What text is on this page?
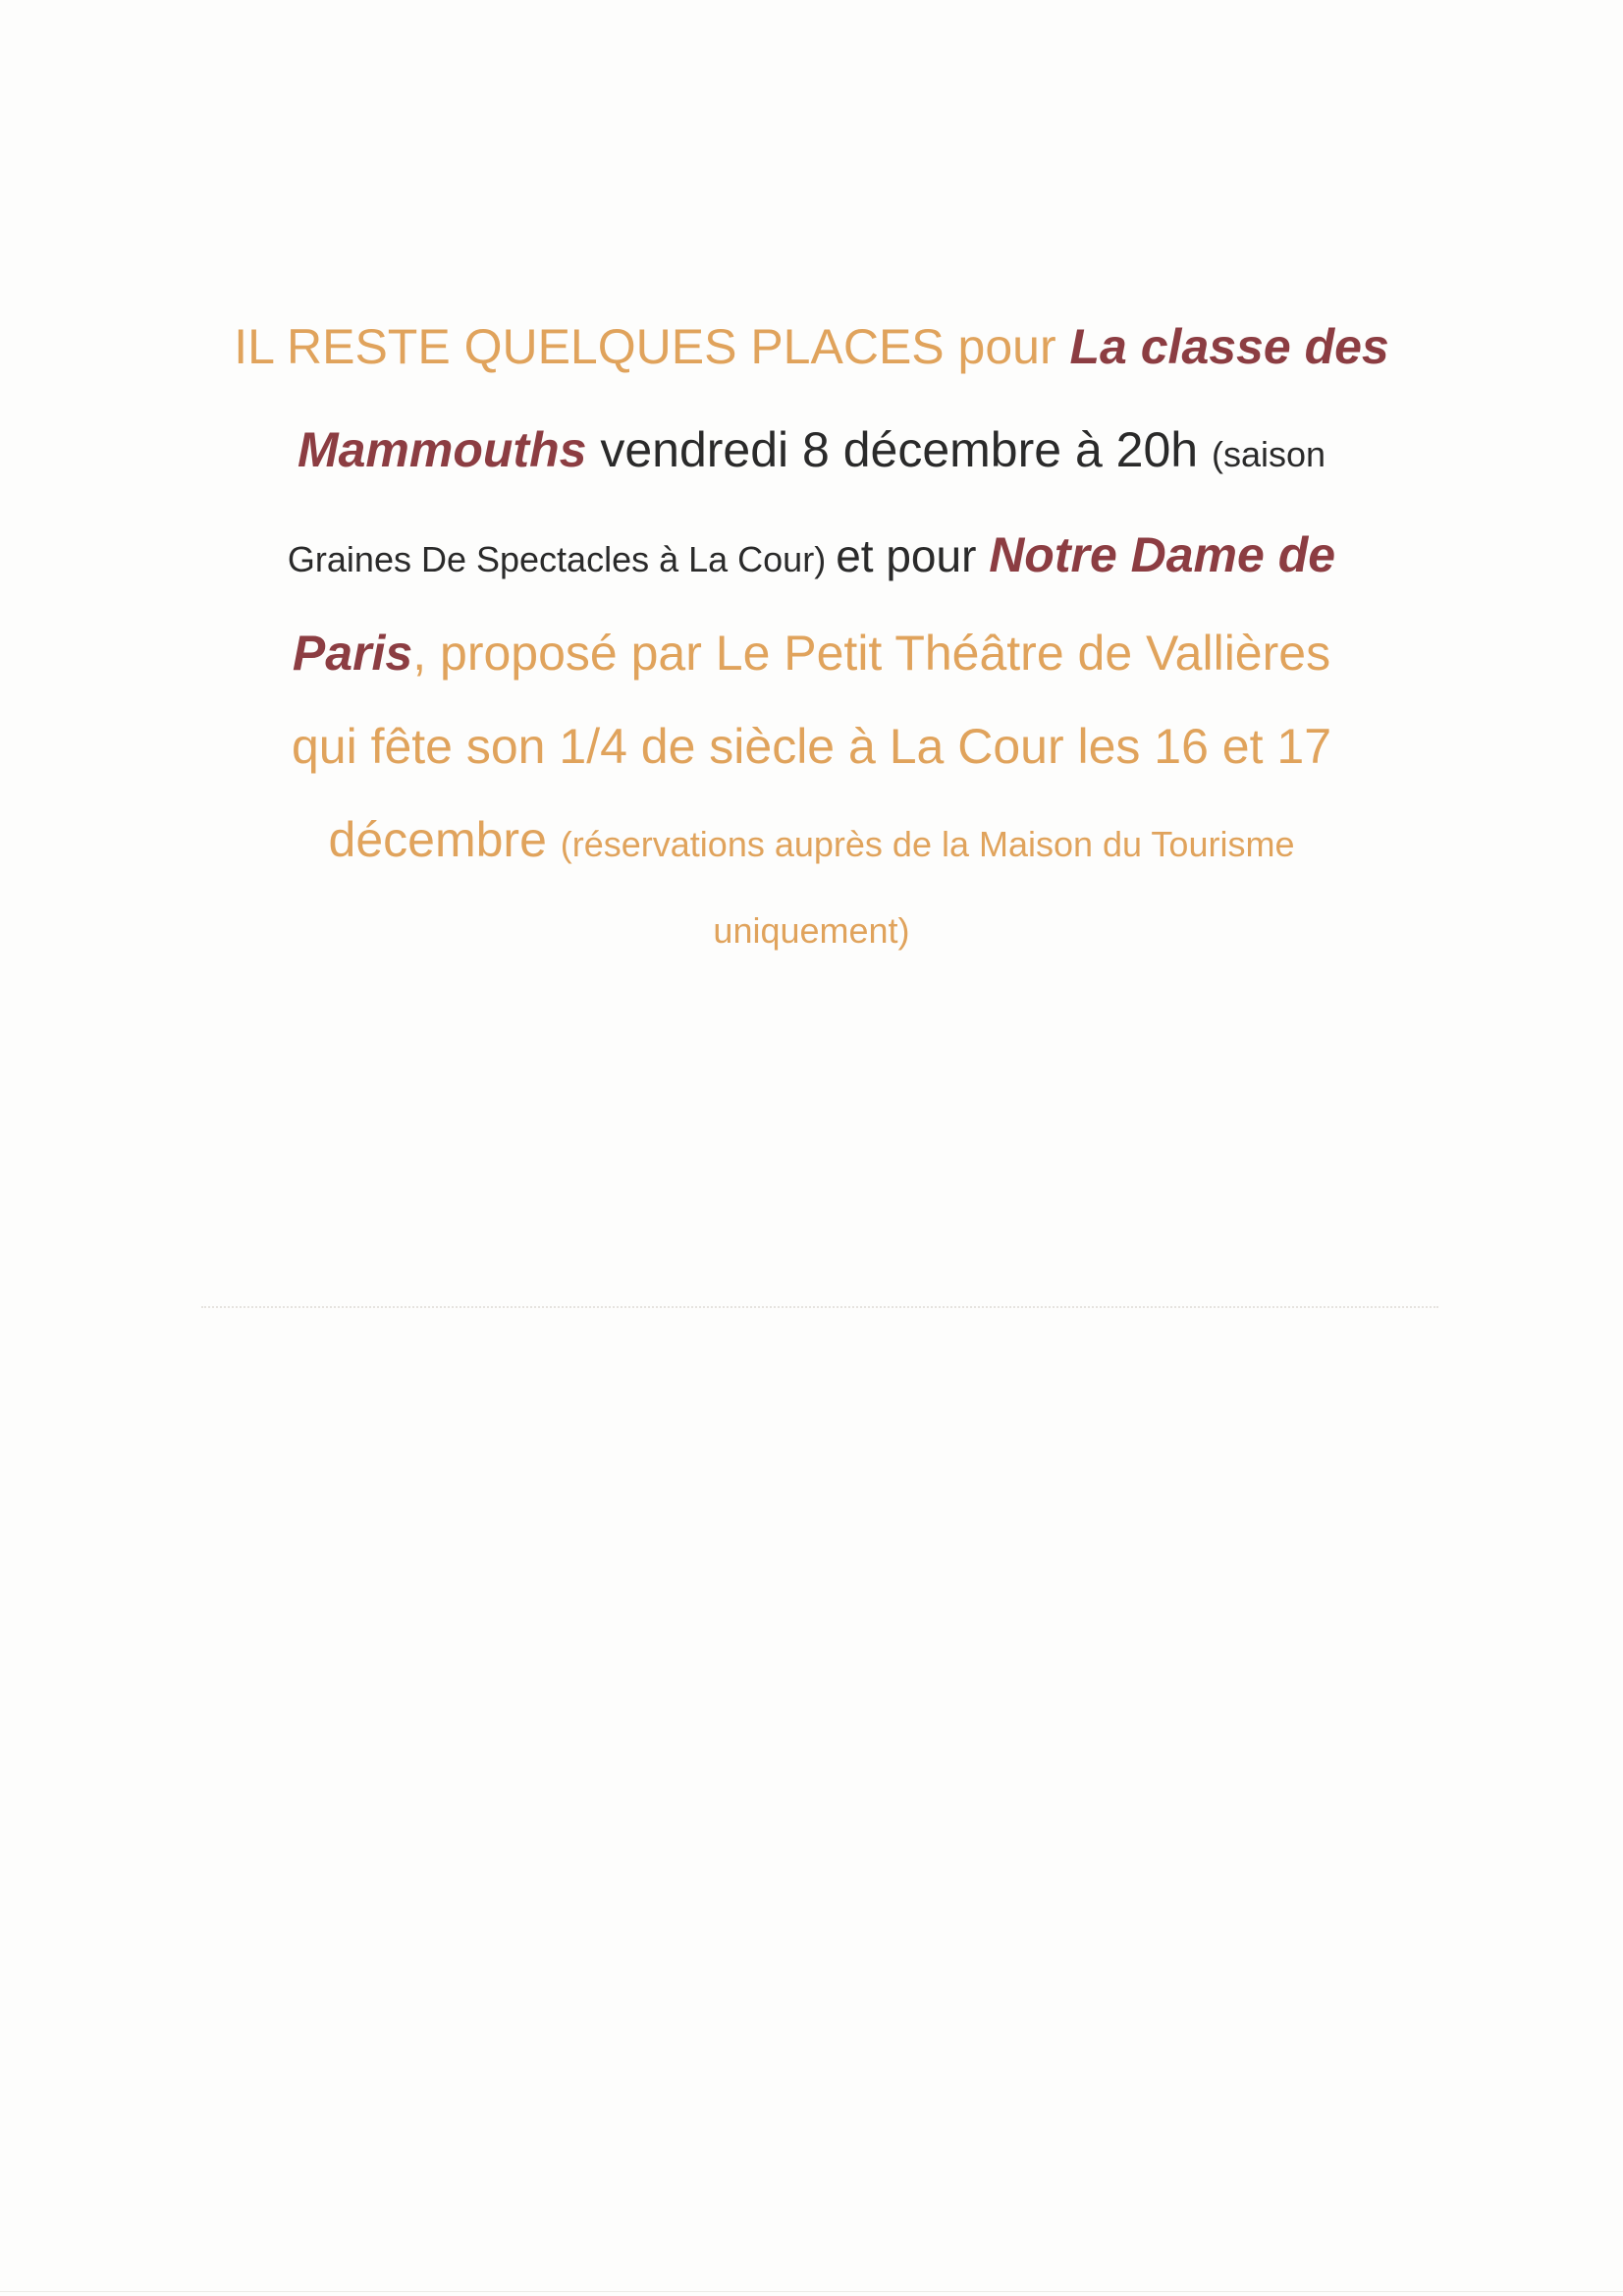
IL RESTE QUELQUES PLACES pour La classe des
Mammouths vendredi 8 décembre à 20h (saison
Graines De Spectacles à La Cour) et pour Notre Dame de
Paris, proposé par Le Petit Théâtre de Vallières
qui fête son 1/4 de siècle à La Cour les 16 et 17
décembre (réservations auprès de la Maison du Tourisme
uniquement)
